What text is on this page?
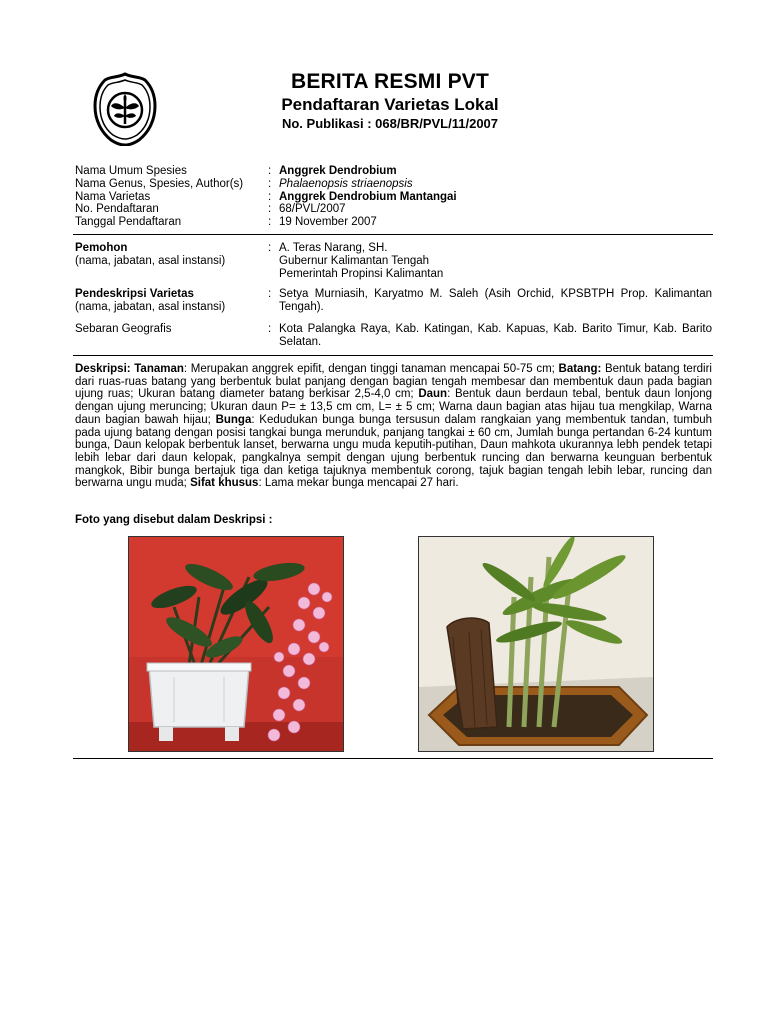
BERITA RESMI PVT
Pendaftaran Varietas Lokal
No. Publikasi : 068/BR/PVL/11/2007
Nama Umum Spesies	: Anggrek Dendrobium
Nama Genus, Spesies, Author(s)	: Phalaenopsis striaenopsis
Nama Varietas	: Anggrek Dendrobium Mantangai
No. Pendaftaran	: 68/PVL/2007
Tanggal Pendaftaran	: 19 November 2007
Pemohon
(nama, jabatan, asal instansi)
: A. Teras Narang, SH.
Gubernur Kalimantan Tengah
Pemerintah Propinsi Kalimantan
Pendeskripsi Varietas
(nama, jabatan, asal instansi)
: Setya Murniasih, Karyatmo M. Saleh (Asih Orchid, KPSBTPH Prop. Kalimantan Tengah).
Sebaran Geografis	: Kota Palangka Raya, Kab. Katingan, Kab. Kapuas, Kab. Barito Timur, Kab. Barito Selatan.
Deskripsi: Tanaman: Merupakan anggrek epifit, dengan tinggi tanaman mencapai 50-75 cm; Batang: Bentuk batang terdiri dari ruas-ruas batang yang berbentuk bulat panjang dengan bagian tengah membesar dan membentuk daun pada bagian ujung ruas; Ukuran batang diameter batang berkisar 2,5-4,0 cm; Daun: Bentuk daun berdaun tebal, bentuk daun lonjong dengan ujung meruncing; Ukuran daun P= ± 13,5 cm cm, L= ± 5 cm; Warna daun bagian atas hijau tua mengkilap, Warna daun bagian bawah hijau; Bunga: Kedudukan bunga bunga tersusun dalam rangkaian yang membentuk tandan, tumbuh pada ujung batang dengan posisi tangkai bunga merunduk, panjang tangkai ± 60 cm, Jumlah bunga pertandan 6-24 kuntum bunga, Daun kelopak berbentuk lanset, berwarna ungu muda keputih-putihan, Daun mahkota ukurannya lebh pendek tetapi lebih lebar dari daun kelopak, pangkalnya sempit dengan ujung berbentuk runcing dan berwarna keunguan berbentuk mangkok, Bibir bunga bertajuk tiga dan ketiga tajuknya membentuk corong, tajuk bagian tengah lebih lebar, runcing dan berwarna ungu muda; Sifat khusus: Lama mekar bunga mencapai 27 hari.
Foto yang disebut dalam Deskripsi :
